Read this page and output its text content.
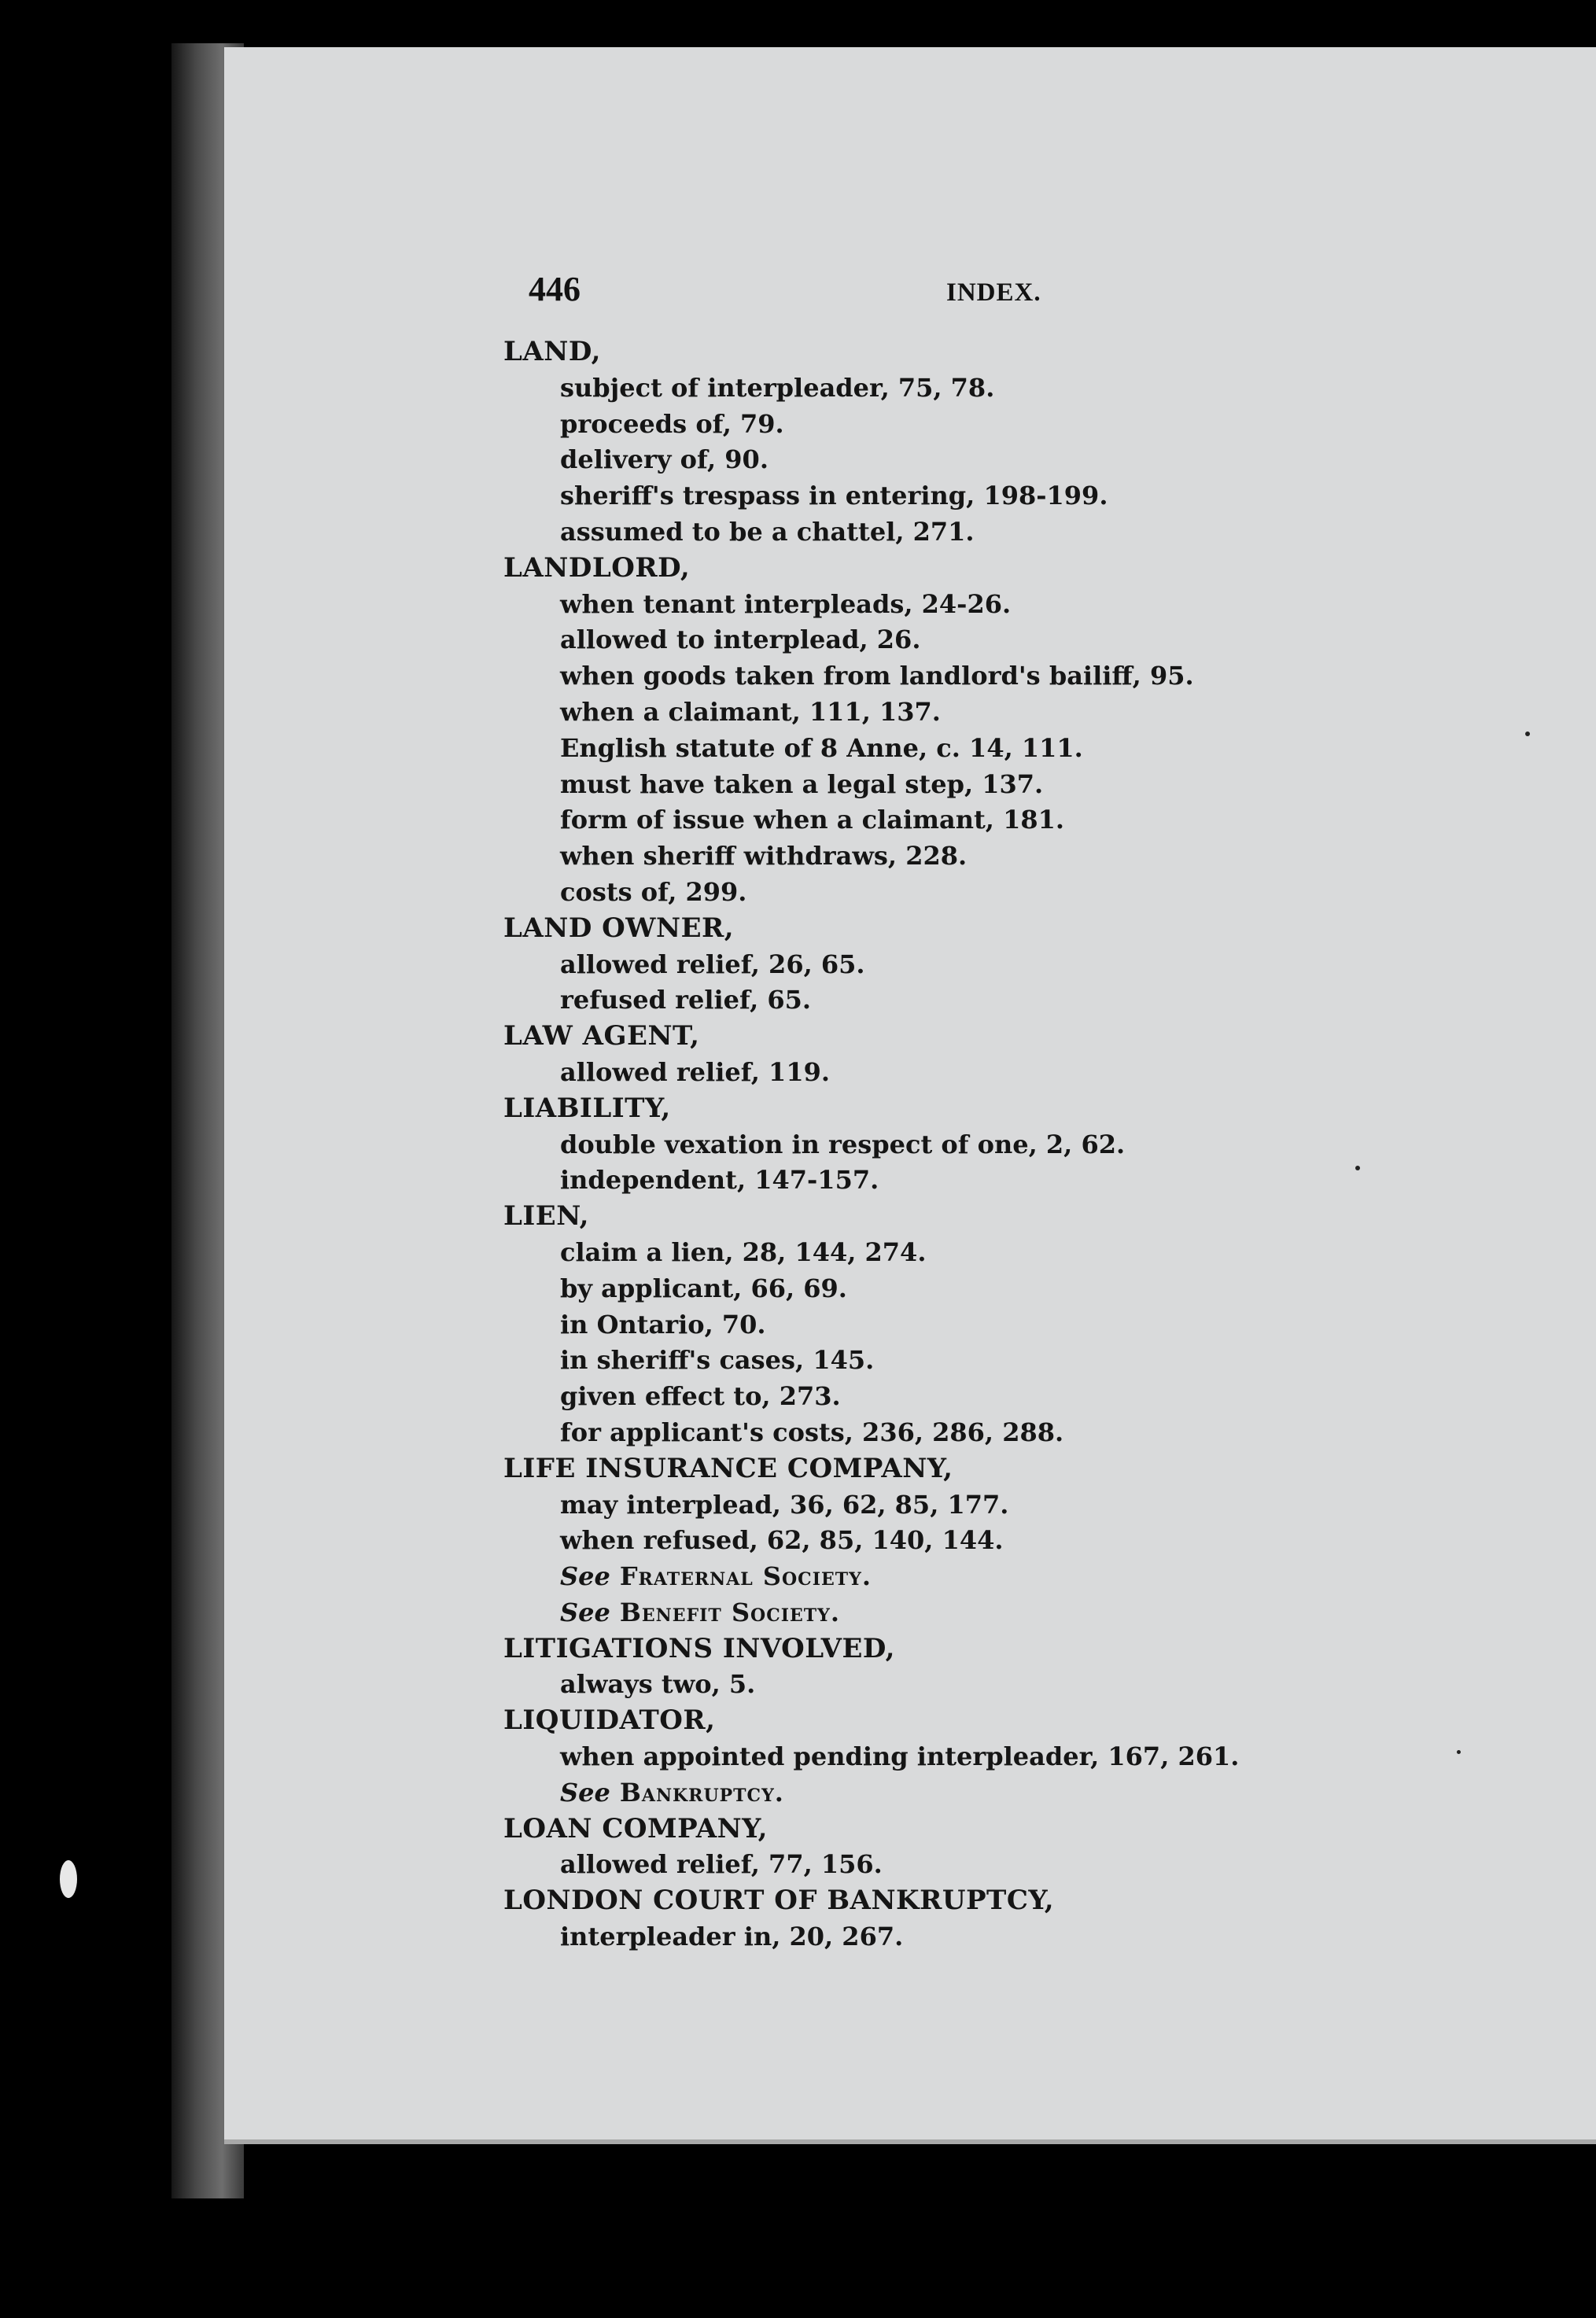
446	INDEX.
LAND,
subject of interpleader, 75, 78.
proceeds of, 79.
delivery of, 90.
sheriff's trespass in entering, 198-199.
assumed to be a chattel, 271.
LANDLORD,
when tenant interpleads, 24-26.
allowed to interplead, 26.
when goods taken from landlord's bailiff, 95.
when a claimant, 111, 137.
English statute of 8 Anne, c. 14, 111.
must have taken a legal step, 137.
form of issue when a claimant, 181.
when sheriff withdraws, 228.
costs of, 299.
LAND OWNER,
allowed relief, 26, 65.
refused relief, 65.
LAW AGENT,
allowed relief, 119.
LIABILITY,
double vexation in respect of one, 2, 62.
independent, 147-157.
LIEN,
claim a lien, 28, 144, 274.
by applicant, 66, 69.
in Ontario, 70.
in sheriff's cases, 145.
given effect to, 273.
for applicant's costs, 236, 286, 288.
LIFE INSURANCE COMPANY,
may interplead, 36, 62, 85, 177.
when refused, 62, 85, 140, 144.
See Fraternal Society.
See Benefit Society.
LITIGATIONS INVOLVED,
always two, 5.
LIQUIDATOR,
when appointed pending interpleader, 167, 261.
See Bankruptcy.
LOAN COMPANY,
allowed relief, 77, 156.
LONDON COURT OF BANKRUPTCY,
interpleader in, 20, 267.
